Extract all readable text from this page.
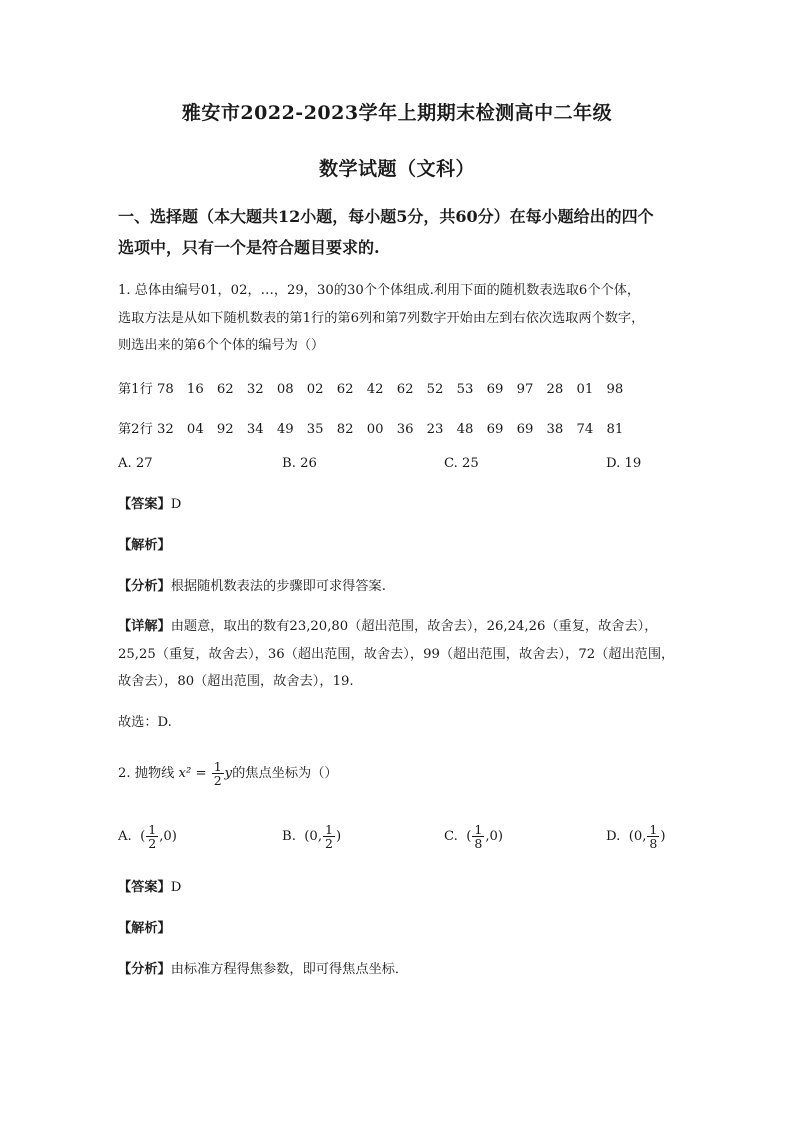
雅安市2022-2023学年上期期末检测高中二年级
数学试题（文科）
一、选择题（本大题共12小题，每小题5分，共60分）在每小题给出的四个
选项中，只有一个是符合题目要求的.
1. 总体由编号01，02，…，29，30的30个个体组成.利用下面的随机数表选取6个个体，
选取方法是从如下随机数表的第1行的第6列和第7列数字开始由左到右依次选取两个数字，
则选出来的第6个个体的编号为（）
第1行 78　16　62　32　08　02　62　42　62　52　53　69　97　28　01　98
第2行 32　04　92　34　49　35　82　00　36　23　48　69　69　38　74　81
A. 27	B. 26	C. 25	D. 19
【答案】D
【解析】
【分析】根据随机数表法的步骤即可求得答案.
【详解】由题意，取出的数有23,20,80（超出范围，故舍去），26,24,26（重复，故舍去），
25,25（重复，故舍去），36（超出范围，故舍去），99（超出范围，故舍去），72（超出范围，
故舍去），80（超出范围，故舍去），19.
故选：D.
2. 抛物线 $x^2 = \frac{1}{2}$ y的焦点坐标为（）
A. ( $\frac{1}{2} ,0$)	B. (0, $\frac{1}{2}$ )	C. ( $\frac{1}{8} ,0$)	D. (0, $\frac{1}{8}$ )
【答案】D
【解析】
【分析】由标准方程得焦参数，即可得焦点坐标．
